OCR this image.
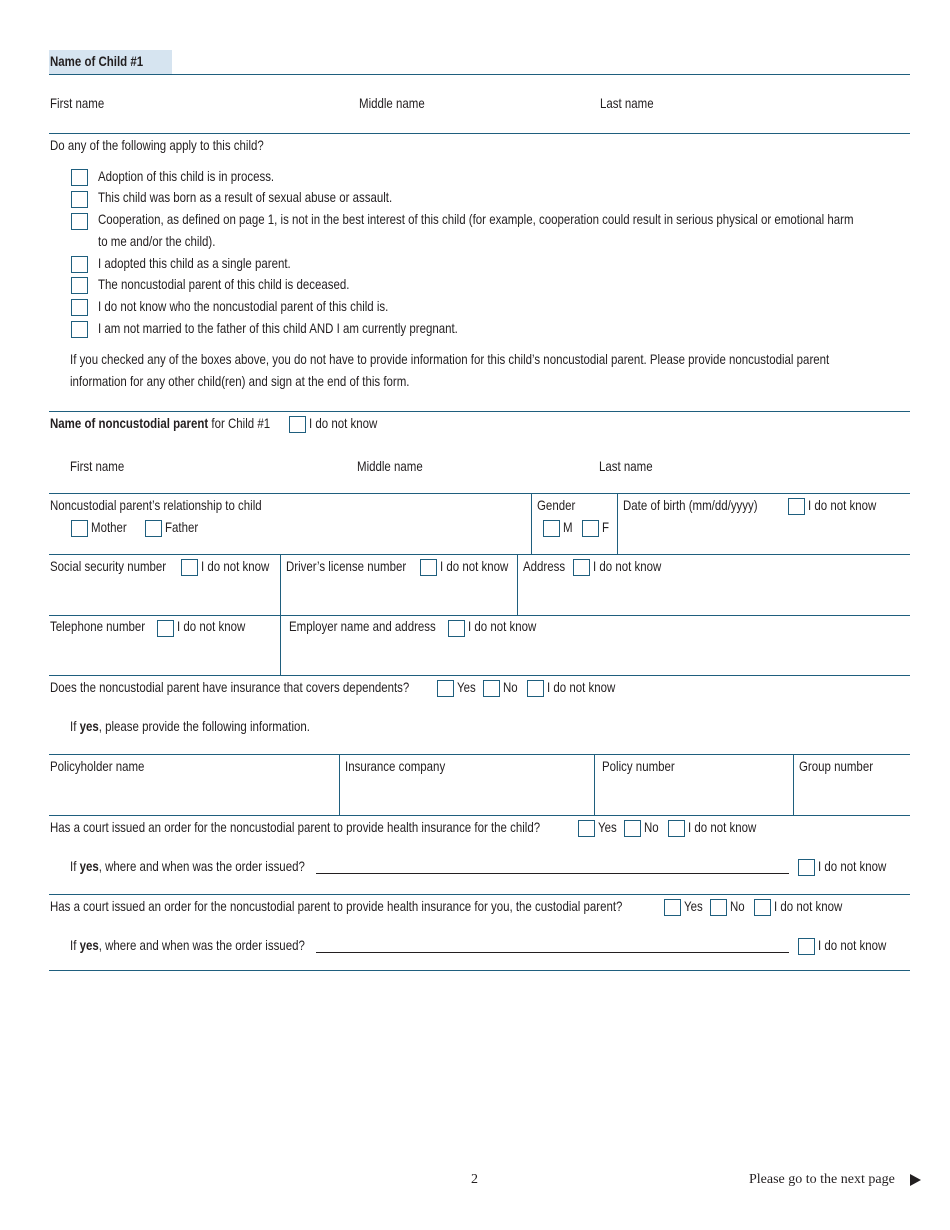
Name of Child #1
First name	Middle name	Last name
Do any of the following apply to this child?
Adoption of this child is in process.
This child was born as a result of sexual abuse or assault.
Cooperation, as defined on page 1, is not in the best interest of this child (for example, cooperation could result in serious physical or emotional harm
to me and/or the child).
I adopted this child as a single parent.
The noncustodial parent of this child is deceased.
I do not know who the noncustodial parent of this child is.
I am not married to the father of this child AND I am currently pregnant.
If you checked any of the boxes above, you do not have to provide information for this child’s noncustodial parent. Please provide noncustodial parent
information for any other child(ren) and sign at the end of this form.
Name of noncustodial parent for Child #1	I do not know
First name	Middle name	Last name
Noncustodial parent’s relationship to child
Mother	Father
Gender
M F
Date of birth (mm/dd/yyyy)	I do not know
Social security number I do not know Driver’s license number I do not know Address I do not know
Telephone number I do not know	Employer name and address I do not know
Does the noncustodial parent have insurance that covers dependents?	Yes No I do not know
If yes, please provide the following information.
Policyholder name	Insurance company	Policy number	Group number
Has a court issued an order for the noncustodial parent to provide health insurance for the child?	Yes No I do not know
If yes, where and when was the order issued?	I do not know
Has a court issued an order for the noncustodial parent to provide health insurance for you, the custodial parent?	Yes No I do not know
If yes, where and when was the order issued?	I do not know
2	Please go to the next page
